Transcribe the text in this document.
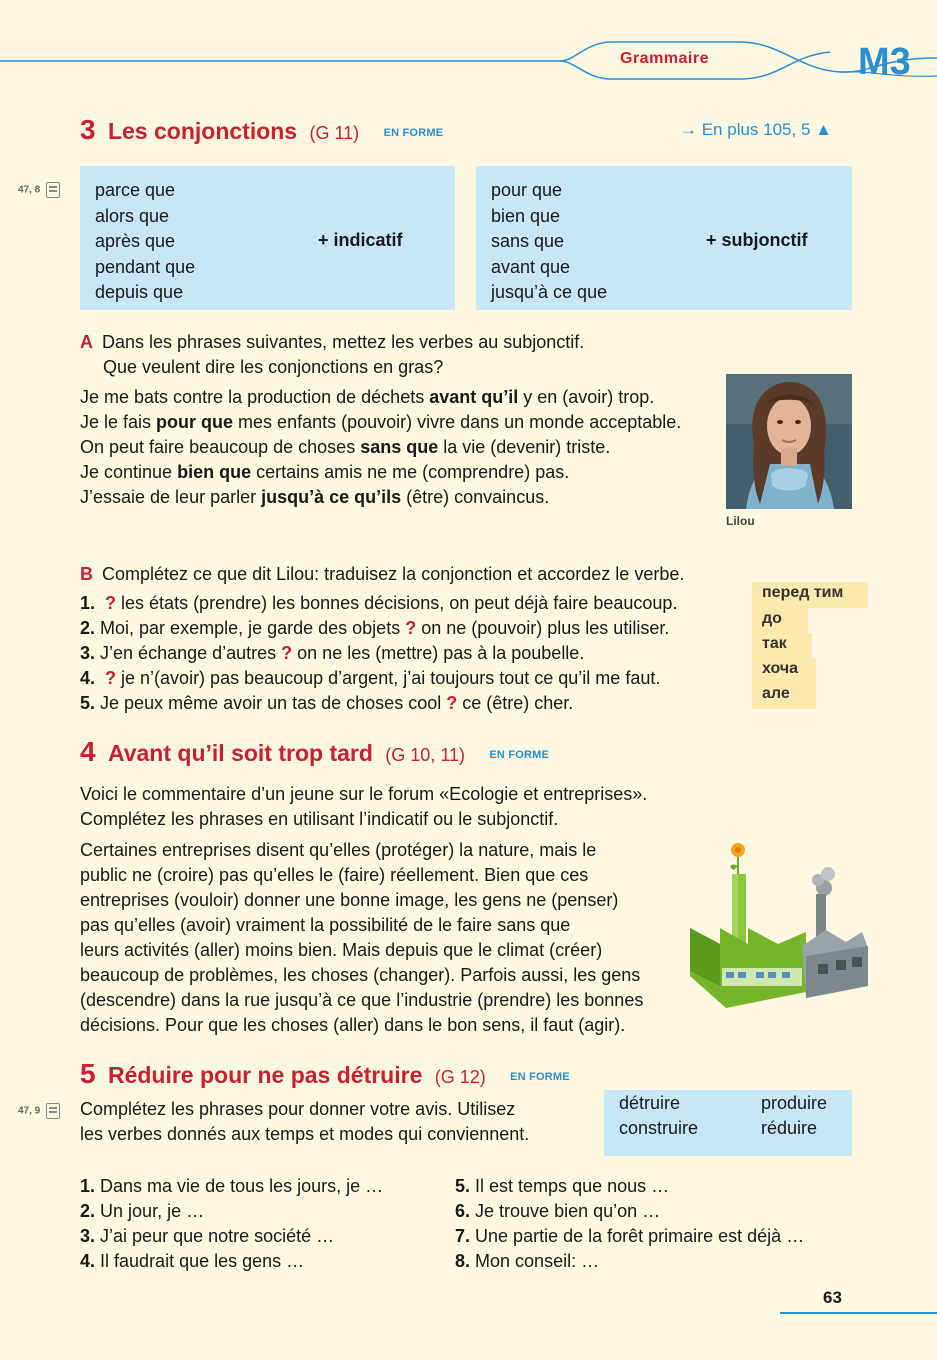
Grammaire	M3
3 Les conjonctions (G 11) EN FORME	→ En plus 105, 5 ▲
47, 8	parce que
alors que
après que
pendant que
depuis que
+ indicatif
pour que
bien que
sans que
avant que
jusqu’à ce que
+ subjonctif
A Dans les phrases suivantes, mettez les verbes au subjonctif.
Que veulent dire les conjonctions en gras?
Je me bats contre la production de déchets avant qu’il y en (avoir) trop.
Je le fais pour que mes enfants (pouvoir) vivre dans un monde acceptable.
On peut faire beaucoup de choses sans que la vie (devenir) triste.
Je continue bien que certains amis ne me (comprendre) pas.
J’essaie de leur parler jusqu’à ce qu’ils (être) convaincus.
Lilou
B Complétez ce que dit Lilou: traduisez la conjonction et accordez le verbe.
1. ? les états (prendre) les bonnes décisions, on peut déjà faire beaucoup.
2. Moi, par exemple, je garde des objets ? on ne (pouvoir) plus les utiliser.
3. J’en échange d’autres ? on ne les (mettre) pas à la poubelle.
4. ? je n’(avoir) pas beaucoup d’argent, j’ai toujours tout ce qu’il me faut.
5. Je peux même avoir un tas de choses cool ? ce (être) cher.
перед тим
до
так
хоча
але
4 Avant qu’il soit trop tard (G 10, 11) EN FORME
Voici le commentaire d’un jeune sur le forum «Ecologie et entreprises».
Complétez les phrases en utilisant l’indicatif ou le subjonctif.
Certaines entreprises disent qu’elles (protéger) la nature, mais le
public ne (croire) pas qu’elles le (faire) réellement. Bien que ces
entreprises (vouloir) donner une bonne image, les gens ne (penser)
pas qu’elles (avoir) vraiment la possibilité de le faire sans que
leurs activités (aller) moins bien. Mais depuis que le climat (créer)
beaucoup de problèmes, les choses (changer). Parfois aussi, les gens
(descendre) dans la rue jusqu’à ce que l’industrie (prendre) les bonnes
décisions. Pour que les choses (aller) dans le bon sens, il faut (agir).
5 Réduire pour ne pas détruire (G 12) EN FORME
47, 9	Complétez les phrases pour donner votre avis. Utilisez
les verbes donnés aux temps et modes qui conviennent.
détruire	produire
construire	réduire
1. Dans ma vie de tous les jours, je …
2. Un jour, je …
3. J’ai peur que notre société …
4. Il faudrait que les gens …
5. Il est temps que nous …
6. Je trouve bien qu’on …
7. Une partie de la forêt primaire est déjà …
8. Mon conseil: …
63
